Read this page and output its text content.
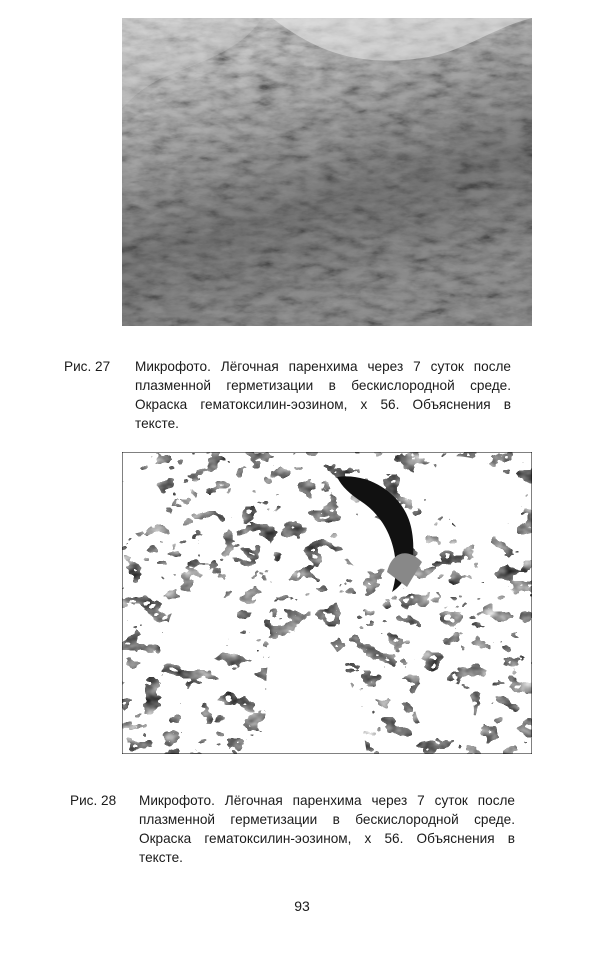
Рис. 27 Микрофото. Лёгочная паренхима через 7 суток после плазменной герметизации в бескислородной среде. Окраска гематоксилин-эозином, х 56. Объяснения в тексте.
Рис. 28 Микрофото. Лёгочная паренхима через 7 суток после плазменной герметизации в бескислородной среде. Окраска гематоксилин-эозином, х 56. Объяснения в тексте.
93
